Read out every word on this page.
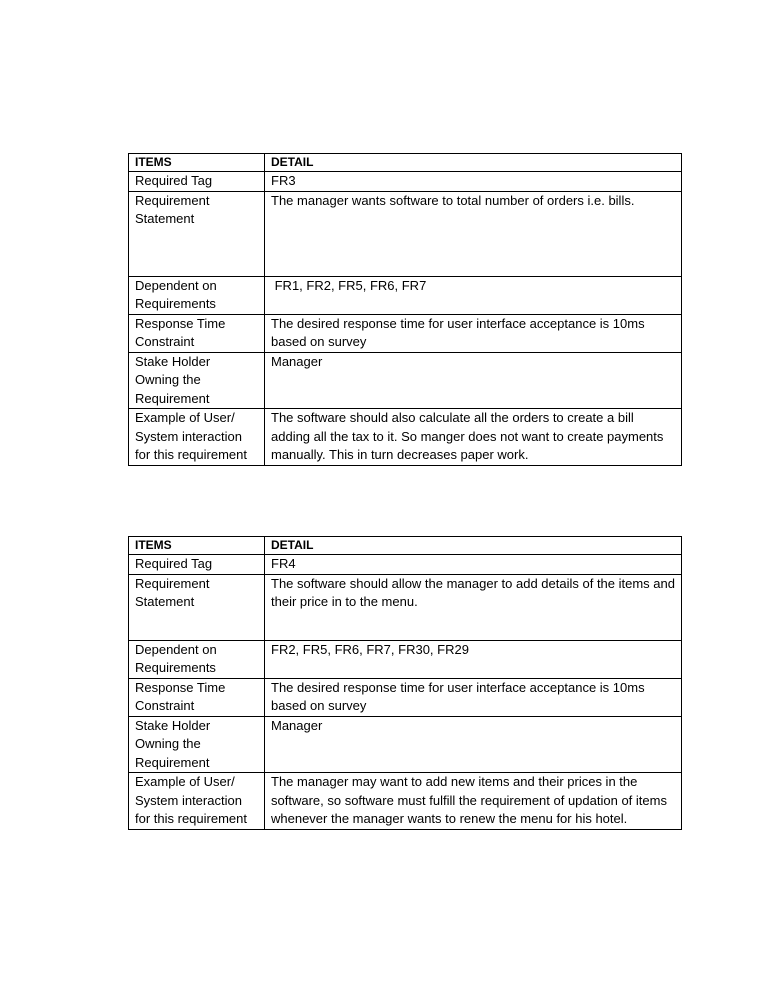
ITEMS	DETAIL
Required Tag	FR3
Requirement Statement	The manager wants software to total number of orders i.e. bills.
Dependent on Requirements	FR1, FR2, FR5, FR6, FR7
Response Time Constraint	The desired response time for user interface acceptance is 10ms based on survey
Stake Holder Owning the Requirement	Manager
Example of User/ System interaction for this requirement	The software should also calculate all the orders to create a bill adding all the tax to it. So manger does not want to create payments manually. This in turn decreases paper work.
ITEMS	DETAIL
Required Tag	FR4
Requirement Statement	The software should allow the manager to add details of the items and their price in to the menu.
Dependent on Requirements	FR2, FR5, FR6, FR7, FR30, FR29
Response Time Constraint	The desired response time for user interface acceptance is 10ms based on survey
Stake Holder Owning the Requirement	Manager
Example of User/ System interaction for this requirement	The manager may want to add new items and their prices in the software, so software must fulfill the requirement of updation of items whenever the manager wants to renew the menu for his hotel.
